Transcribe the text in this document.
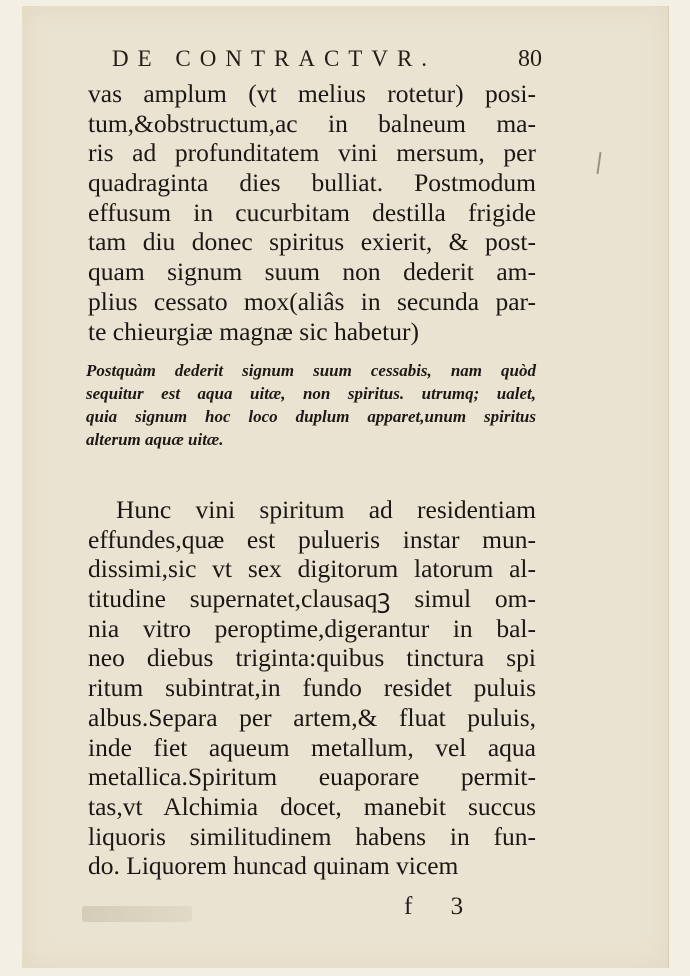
DE CONTRACTVR.	80
vas amplum (vt melius rotetur) posi-
tum,&obstructum,ac in balneum ma-
ris ad profunditatem vini mersum, per
quadraginta dies bulliat. Postmodum
effusum in cucurbitam destilla frigide
tam diu donec spiritus exierit, & post-
quam signum suum non dederit am-
plius cessato mox(aliâs in secunda par-
te chieurgiæ magnæ sic habetur)
Postquàm dederit signum suum cessabis, nam quòd
sequitur est aqua uitæ, non spiritus. utrumq; ualet,
quia signum hoc loco duplum apparet,unum spiritus
alterum aquæ uitæ.
Hunc vini spiritum ad residentiam
effundes,quæ est pulueris instar mun-
dissimi,sic vt sex digitorum latorum al-
titudine supernatet,clausaqꝫ simul om-
nia vitro peroptime,digerantur in bal-
neo diebus triginta:quibus tinctura spi
ritum subintrat,in fundo residet puluis
albus.Separa per artem,& fluat puluis,
inde fiet aqueum metallum, vel aqua
metallica.Spiritum euaporare permit-
tas,vt Alchimia docet, manebit succus
liquoris similitudinem habens in fun-
do. Liquorem huncad quinam vicem
f 3
